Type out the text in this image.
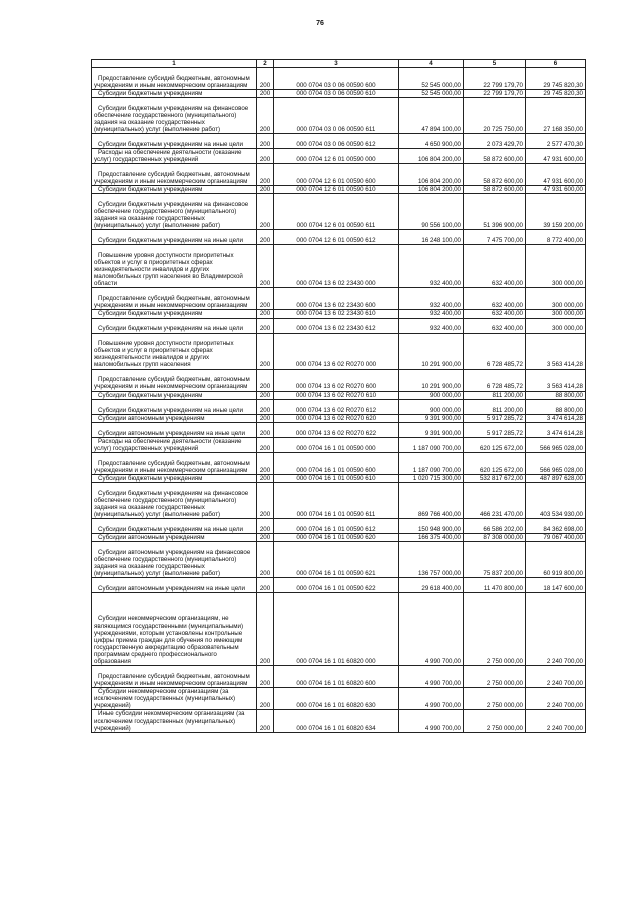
76
1	2	3	4	5	6
Предоставление субсидий бюджетным, автономным учреждениям и иным некоммерческим организациям	200	000 0704 03 0 06 00590 600	52 545 000,00	22 799 179,70	29 745 820,30
Субсидии бюджетным учреждениям	200	000 0704 03 0 06 00590 610	52 545 000,00	22 799 179,70	29 745 820,30
Субсидии бюджетным учреждениям на финансовое обеспечение государственного (муниципального) задания на оказание государственных (муниципальных) услуг (выполнение работ)	200	000 0704 03 0 06 00590 611	47 894 100,00	20 725 750,00	27 168 350,00
Субсидии бюджетным учреждениям на иные цели	200	000 0704 03 0 06 00590 612	4 650 900,00	2 073 429,70	2 577 470,30
Расходы на обеспечение деятельности (оказание услуг) государственных учреждений	200	000 0704 12 6 01 00590 000	106 804 200,00	58 872 600,00	47 931 600,00
Предоставление субсидий бюджетным, автономным учреждениям и иным некоммерческим организациям	200	000 0704 12 6 01 00590 600	106 804 200,00	58 872 600,00	47 931 600,00
Субсидии бюджетным учреждениям	200	000 0704 12 6 01 00590 610	106 804 200,00	58 872 600,00	47 931 600,00
Субсидии бюджетным учреждениям на финансовое обеспечение государственного (муниципального) задания на оказание государственных (муниципальных) услуг (выполнение работ)	200	000 0704 12 6 01 00590 611	90 556 100,00	51 396 900,00	39 159 200,00
Субсидии бюджетным учреждениям на иные цели	200	000 0704 12 6 01 00590 612	16 248 100,00	7 475 700,00	8 772 400,00
Повышение уровня доступности приоритетных объектов и услуг в приоритетных сферах жизнедеятельности инвалидов и других маломобильных групп населения во Владимирской области	200	000 0704 13 6 02 23430 000	932 400,00	632 400,00	300 000,00
Предоставление субсидий бюджетным, автономным учреждениям и иным некоммерческим организациям	200	000 0704 13 6 02 23430 600	932 400,00	632 400,00	300 000,00
Субсидии бюджетным учреждениям	200	000 0704 13 6 02 23430 610	932 400,00	632 400,00	300 000,00
Субсидии бюджетным учреждениям на иные цели	200	000 0704 13 6 02 23430 612	932 400,00	632 400,00	300 000,00
Повышение уровня доступности приоритетных объектов и услуг в приоритетных сферах жизнедеятельности инвалидов и других маломобильных групп населения	200	000 0704 13 6 02 R0270 000	10 291 900,00	6 728 485,72	3 563 414,28
Предоставление субсидий бюджетным, автономным учреждениям и иным некоммерческим организациям	200	000 0704 13 6 02 R0270 600	10 291 900,00	6 728 485,72	3 563 414,28
Субсидии бюджетным учреждениям	200	000 0704 13 6 02 R0270 610	900 000,00	811 200,00	88 800,00
Субсидии бюджетным учреждениям на иные цели	200	000 0704 13 6 02 R0270 612	900 000,00	811 200,00	88 800,00
Субсидии автономным учреждениям	200	000 0704 13 6 02 R0270 620	9 391 900,00	5 917 285,72	3 474 614,28
Субсидии автономным учреждениям на иные цели	200	000 0704 13 6 02 R0270 622	9 391 900,00	5 917 285,72	3 474 614,28
Расходы на обеспечение деятельности (оказание услуг) государственных учреждений	200	000 0704 16 1 01 00590 000	1 187 090 700,00	620 125 672,00	566 965 028,00
Предоставление субсидий бюджетным, автономным учреждениям и иным некоммерческим организациям	200	000 0704 16 1 01 00590 600	1 187 090 700,00	620 125 672,00	566 965 028,00
Субсидии бюджетным учреждениям	200	000 0704 16 1 01 00590 610	1 020 715 300,00	532 817 672,00	487 897 628,00
Субсидии бюджетным учреждениям на финансовое обеспечение государственного (муниципального) задания на оказание государственных (муниципальных) услуг (выполнение работ)	200	000 0704 16 1 01 00590 611	869 766 400,00	466 231 470,00	403 534 930,00
Субсидии бюджетным учреждениям на иные цели	200	000 0704 16 1 01 00590 612	150 948 900,00	66 586 202,00	84 362 698,00
Субсидии автономным учреждениям	200	000 0704 16 1 01 00590 620	166 375 400,00	87 308 000,00	79 067 400,00
Субсидии автономным учреждениям на финансовое обеспечение государственного (муниципального) задания на оказание государственных (муниципальных) услуг (выполнение работ)	200	000 0704 16 1 01 00590 621	136 757 000,00	75 837 200,00	60 919 800,00
Субсидии автономным учреждениям на иные цели	200	000 0704 16 1 01 00590 622	29 618 400,00	11 470 800,00	18 147 600,00
Субсидии некоммерческим организациям, не являющимся государственными (муниципальными) учреждениями, которым установлены контрольные цифры приема граждан для обучения по имеющим государственную аккредитацию образовательным программам среднего профессионального образования	200	000 0704 16 1 01 60820 000	4 990 700,00	2 750 000,00	2 240 700,00
Предоставление субсидий бюджетным, автономным учреждениям и иным некоммерческим организациям	200	000 0704 16 1 01 60820 600	4 990 700,00	2 750 000,00	2 240 700,00
Субсидии некоммерческим организациям (за исключением государственных (муниципальных) учреждений)	200	000 0704 16 1 01 60820 630	4 990 700,00	2 750 000,00	2 240 700,00
Иные субсидии некоммерческим организациям (за исключением государственных (муниципальных) учреждений)	200	000 0704 16 1 01 60820 634	4 990 700,00	2 750 000,00	2 240 700,00
